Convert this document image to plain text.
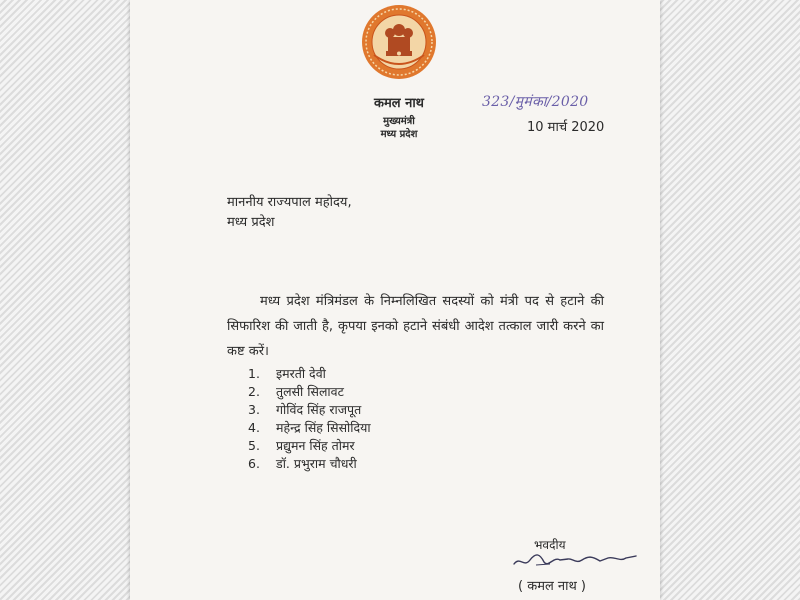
कमल नाथ
मुख्यमंत्री
मध्य प्रदेश
323/मुमंका/2020
10 मार्च 2020
माननीय राज्यपाल महोदय,
मध्य प्रदेश

मध्य प्रदेश मंत्रिमंडल के निम्नलिखित सदस्यों को मंत्री पद से हटाने की सिफारिश की जाती है, कृपया इनको हटाने संबंधी आदेश तत्काल जारी करने का कष्ट करें।

1. इमरती देवी
2. तुलसी सिलावट
3. गोविंद सिंह राजपूत
4. महेन्द्र सिंह सिसोदिया
5. प्रद्युमन सिंह तोमर
6. डॉ. प्रभुराम चौधरी
भवदीय
( कमल नाथ )
